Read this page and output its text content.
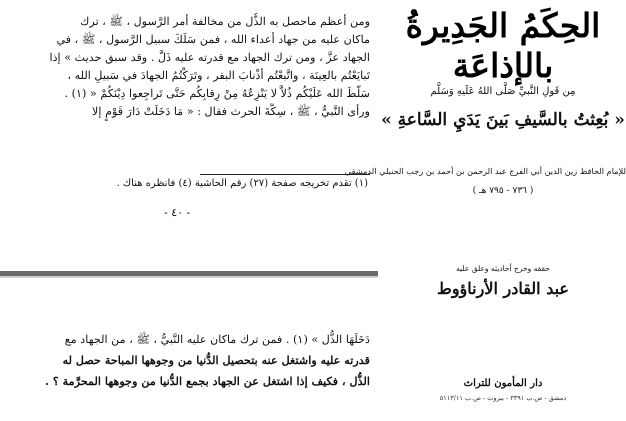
ومن أعظم ماحصل به الذُّل من مخالفة أمر الرَّسول ، ﷺ ، ترك
ماكان عليه من جهاد أعداء الله ، فمن سَلَكَ سبيل الرَّسول ، ﷺ ، في
الجهاد عزَّ ، ومن ترك الجهاد مع قدرته عليه ذَلَّ . وقد سبق حديث » إذا
تَبايَعْتُم بالعِينَة ، واتَّبعْتُم أذْنابَ البقر ، وتَرَكْتُمُ الجهادَ في سَبيلِ الله ،
سَلَّطَ الله عَلَيْكُم ذُلاًّ لا يَنْزِعُهُ مِنْ رِقابِكُم حَتَّى تَراجِعوا دِيْنَكُمْ « (١) .
ورأى النَّبيُّ ، ﷺ ، سِكَّةَ الحرث فقال : « مَا دَخَلَتْ دَارَ قَوْمٍ إلا
(١) تقدم تخريجه صفحة (٢٧) رقم الحاشية (٤) فانظره هناك .
- ٤٠ -
دَخَلَهَا الذُّل » (١) . فمن ترك ماكان عليه النَّبيُّ ، ﷺ ، من الجهاد مع
قدرته عليه واشتغل عنه بتحصيل الدُّنيا من وجوهها المباحة حصل له
الذُّل ، فكيف إذا اشتغل عن الجهاد بجمع الدُّنيا من وجوهها المحرَّمة ؟ .
الحِكَمُ الجَدِيرةُ
بالإذاعَة
مِن قَولِ النَّبيِّ صَلَّى اللهُ عَلَيهِ وَسَلَّم
« بُعِثتُ بالسَّيفِ بَينَ يَدَيِ السَّاعةِ »
للإمام الحافظ زين الدين أبي الفرج عبد الرحمن بن أحمد بن رجب الحنبلي الدمشقي
( ٧٣٦ - ٧٩٥ هـ )
حققه وخرج أحاديثه وعلق عليه
عبد القادر الأرناؤوط
دار المأمون للتراث
دمشق - ص.ب ٣٣٩١ - بيروت - ص.ب ٥١١٣/١١
